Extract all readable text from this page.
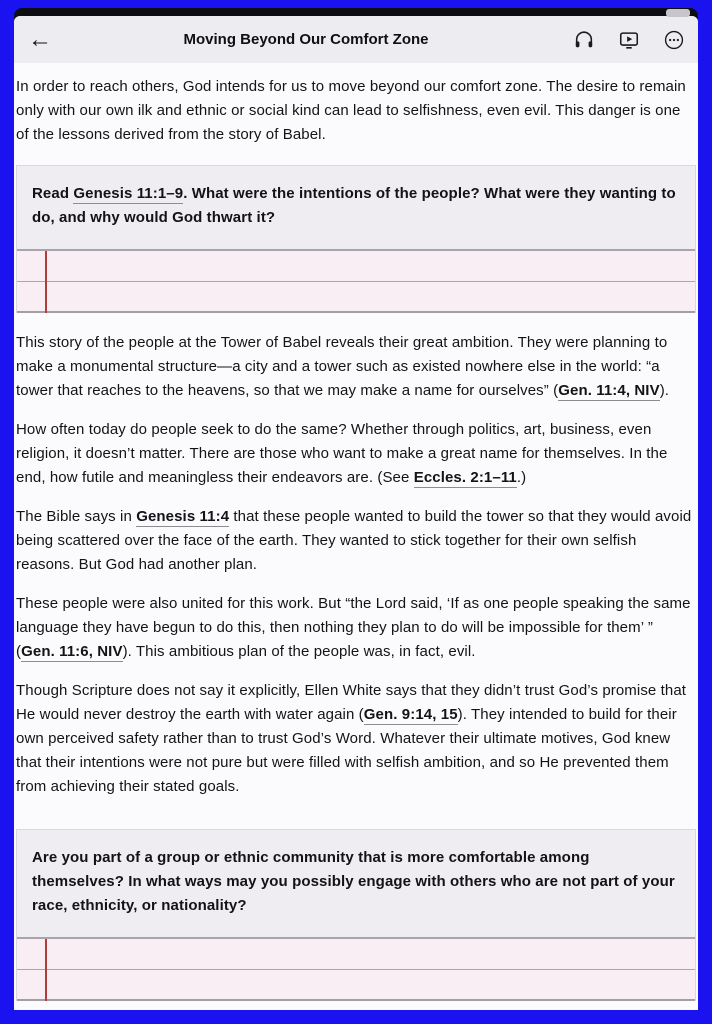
←	Moving Beyond Our Comfort Zone

In order to reach others, God intends for us to move beyond our comfort zone. The desire to remain only with our own ilk and ethnic or social kind can lead to selfishness, even evil. This danger is one of the lessons derived from the story of Babel.

Read Genesis 11:1–9. What were the intentions of the people? What were they wanting to do, and why would God thwart it?

This story of the people at the Tower of Babel reveals their great ambition. They were planning to make a monumental structure—a city and a tower such as existed nowhere else in the world: “a tower that reaches to the heavens, so that we may make a name for ourselves” (Gen. 11:4, NIV).

How often today do people seek to do the same? Whether through politics, art, business, even religion, it doesn’t matter. There are those who want to make a great name for themselves. In the end, how futile and meaningless their endeavors are. (See Eccles. 2:1–11.)

The Bible says in Genesis 11:4 that these people wanted to build the tower so that they would avoid being scattered over the face of the earth. They wanted to stick together for their own selfish reasons. But God had another plan.

These people were also united for this work. But “the Lord said, ‘If as one people speaking the same language they have begun to do this, then nothing they plan to do will be impossible for them’ ” (Gen. 11:6, NIV). This ambitious plan of the people was, in fact, evil.

Though Scripture does not say it explicitly, Ellen White says that they didn’t trust God’s promise that He would never destroy the earth with water again (Gen. 9:14, 15). They intended to build for their own perceived safety rather than to trust God’s Word. Whatever their ultimate motives, God knew that their intentions were not pure but were filled with selfish ambition, and so He prevented them from achieving their stated goals.

Are you part of a group or ethnic community that is more comfortable among themselves? In what ways may you possibly engage with others who are not part of your race, ethnicity, or nationality?
